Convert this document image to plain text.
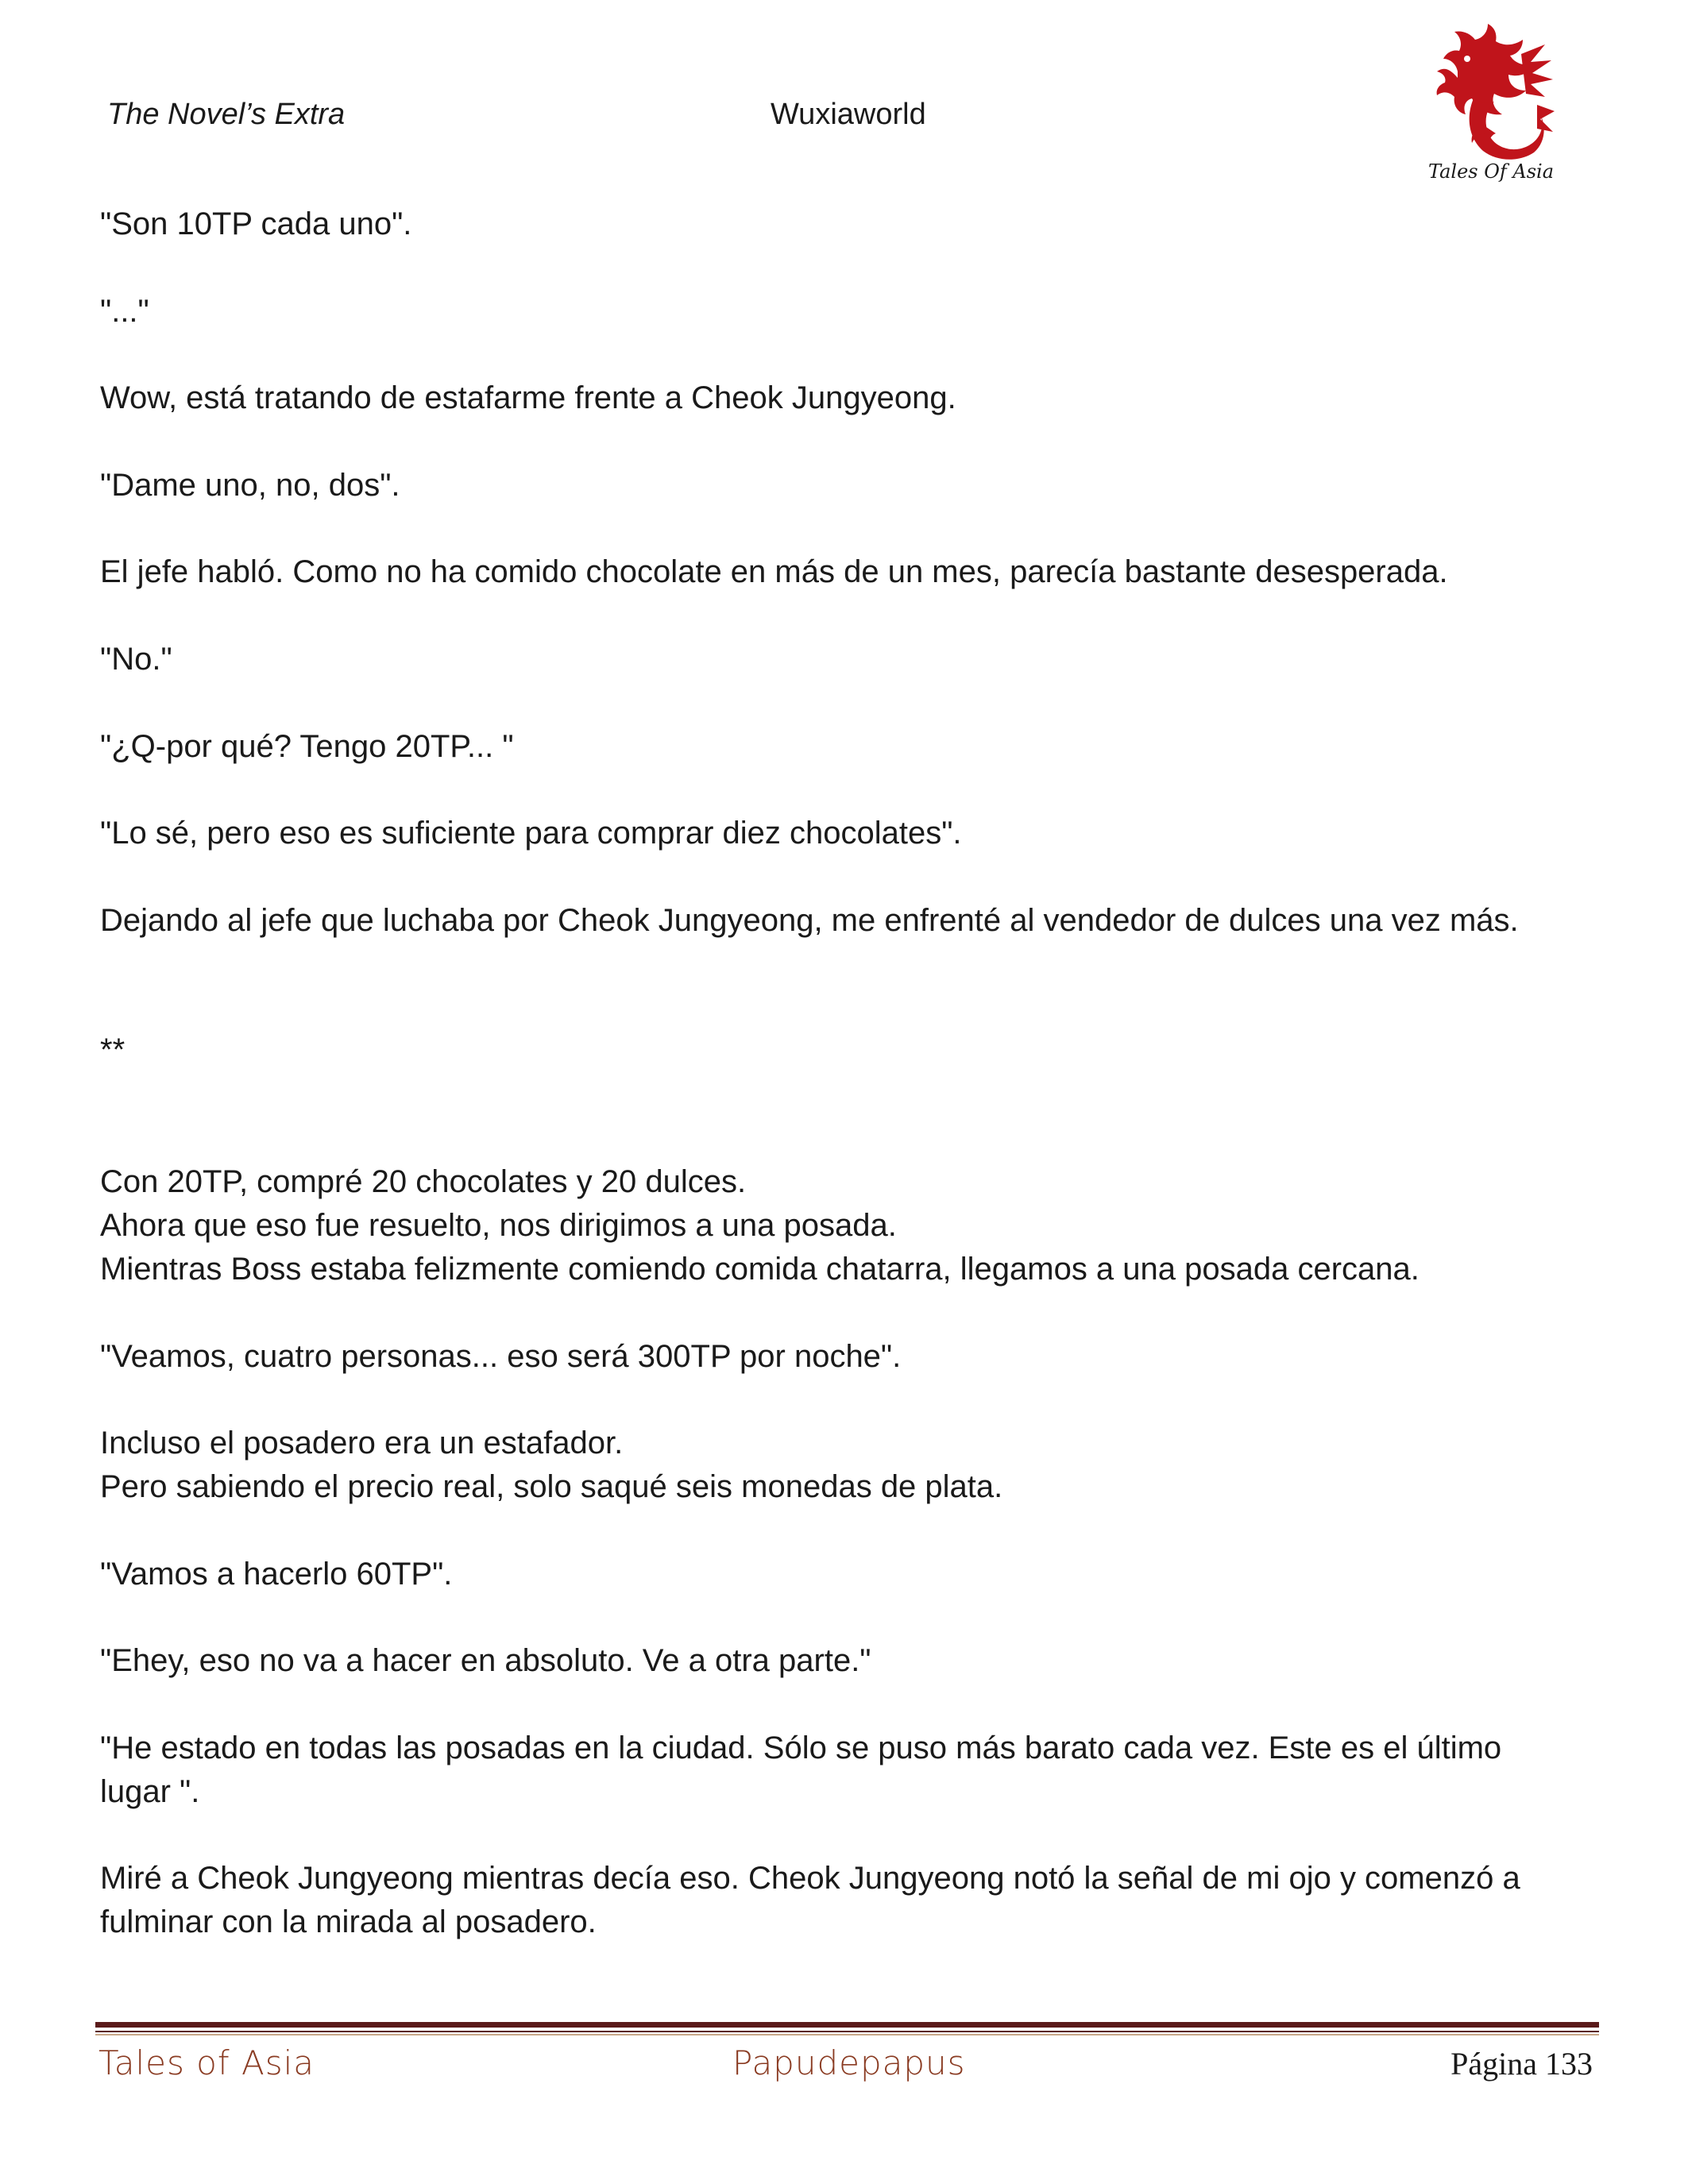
The Novel’s Extra	Wuxiaworld
Tales Of Asia
"Son 10TP cada uno".
"..."
Wow, está tratando de estafarme frente a Cheok Jungyeong.
"Dame uno, no, dos".
El jefe habló. Como no ha comido chocolate en más de un mes, parecía bastante desesperada.
"No."
"¿Q-por qué? Tengo 20TP... "
"Lo sé, pero eso es suficiente para comprar diez chocolates".
Dejando al jefe que luchaba por Cheok Jungyeong, me enfrenté al vendedor de dulces una vez más.
**
Con 20TP, compré 20 chocolates y 20 dulces.
Ahora que eso fue resuelto, nos dirigimos a una posada.
Mientras Boss estaba felizmente comiendo comida chatarra, llegamos a una posada cercana.
"Veamos, cuatro personas... eso será 300TP por noche".
Incluso el posadero era un estafador.
Pero sabiendo el precio real, solo saqué seis monedas de plata.
"Vamos a hacerlo 60TP".
"Ehey, eso no va a hacer en absoluto. Ve a otra parte."
"He estado en todas las posadas en la ciudad. Sólo se puso más barato cada vez. Este es el último
lugar ".
Miré a Cheok Jungyeong mientras decía eso. Cheok Jungyeong notó la señal de mi ojo y comenzó a
fulminar con la mirada al posadero.
Tales of Asia	Papudepapus	Página 133
